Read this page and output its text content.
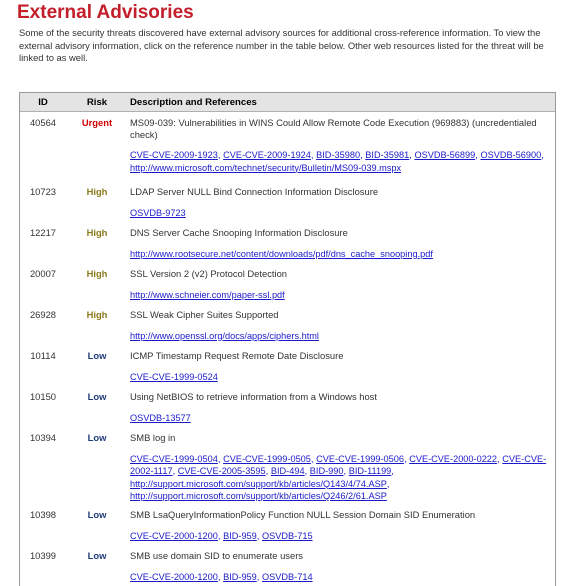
External Advisories

Some of the security threats discovered have external advisory sources for additional cross-reference information. To view the external advisory information, click on the reference number in the table below. Other web resources listed for the threat will be linked to as well.

ID	Risk	Description and References
40564	Urgent MS09-039: Vulnerabilities in WINS Could Allow Remote Code Execution (969883) (uncredentialed check)
CVE-CVE-2009-1923, CVE-CVE-2009-1924, BID-35980, BID-35981, OSVDB-56899, OSVDB-56900, http://www.microsoft.com/technet/security/Bulletin/MS09-039.mspx
10723	High	LDAP Server NULL Bind Connection Information Disclosure
OSVDB-9723
12217	High	DNS Server Cache Snooping Information Disclosure
http://www.rootsecure.net/content/downloads/pdf/dns_cache_snooping.pdf
20007	High	SSL Version 2 (v2) Protocol Detection
http://www.schneier.com/paper-ssl.pdf
26928	High	SSL Weak Cipher Suites Supported
http://www.openssl.org/docs/apps/ciphers.html
10114	Low	ICMP Timestamp Request Remote Date Disclosure
CVE-CVE-1999-0524
10150	Low	Using NetBIOS to retrieve information from a Windows host
OSVDB-13577
10394	Low	SMB log in
CVE-CVE-1999-0504, CVE-CVE-1999-0505, CVE-CVE-1999-0506, CVE-CVE-2000-0222, CVE-CVE-2002-1117, CVE-CVE-2005-3595, BID-494, BID-990, BID-11199, http://support.microsoft.com/support/kb/articles/Q143/4/74.ASP, http://support.microsoft.com/support/kb/articles/Q246/2/61.ASP
10398	Low	SMB LsaQueryInformationPolicy Function NULL Session Domain SID Enumeration
CVE-CVE-2000-1200, BID-959, OSVDB-715
10399	Low	SMB use domain SID to enumerate users
CVE-CVE-2000-1200, BID-959, OSVDB-714
